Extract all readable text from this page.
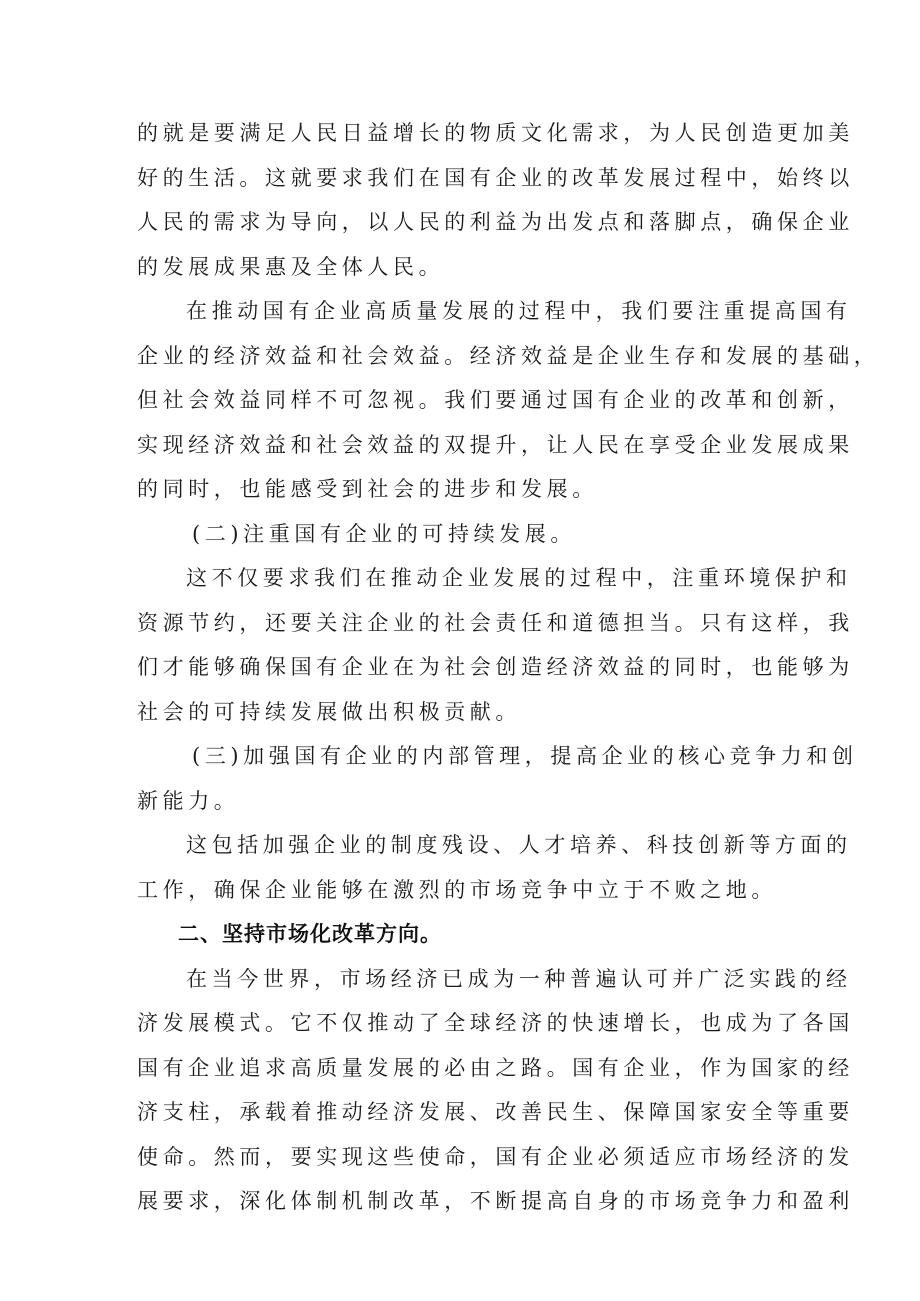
的就是要满足人民日益增长的物质文化需求，为人民创造更加美
好的生活。这就要求我们在国有企业的改革发展过程中，始终以
人民的需求为导向，以人民的利益为出发点和落脚点，确保企业
的发展成果惠及全体人民。
在推动国有企业高质量发展的过程中，我们要注重提高国有
企业的经济效益和社会效益。经济效益是企业生存和发展的基础，
但社会效益同样不可忽视。我们要通过国有企业的改革和创新，
实现经济效益和社会效益的双提升，让人民在享受企业发展成果
的同时，也能感受到社会的进步和发展。
(二)注重国有企业的可持续发展。
这不仅要求我们在推动企业发展的过程中，注重环境保护和
资源节约，还要关注企业的社会责任和道德担当。只有这样，我
们才能够确保国有企业在为社会创造经济效益的同时，也能够为
社会的可持续发展做出积极贡献。
(三)加强国有企业的内部管理，提高企业的核心竞争力和创
新能力。
这包括加强企业的制度残设、人才培养、科技创新等方面的
工作，确保企业能够在激烈的市场竞争中立于不败之地。
二、坚持市场化改革方向。
在当今世界，市场经济已成为一种普遍认可并广泛实践的经
济发展模式。它不仅推动了全球经济的快速增长，也成为了各国
国有企业追求高质量发展的必由之路。国有企业，作为国家的经
济支柱，承载着推动经济发展、改善民生、保障国家安全等重要
使命。然而，要实现这些使命，国有企业必须适应市场经济的发
展要求，深化体制机制改革，不断提高自身的市场竞争力和盈利
